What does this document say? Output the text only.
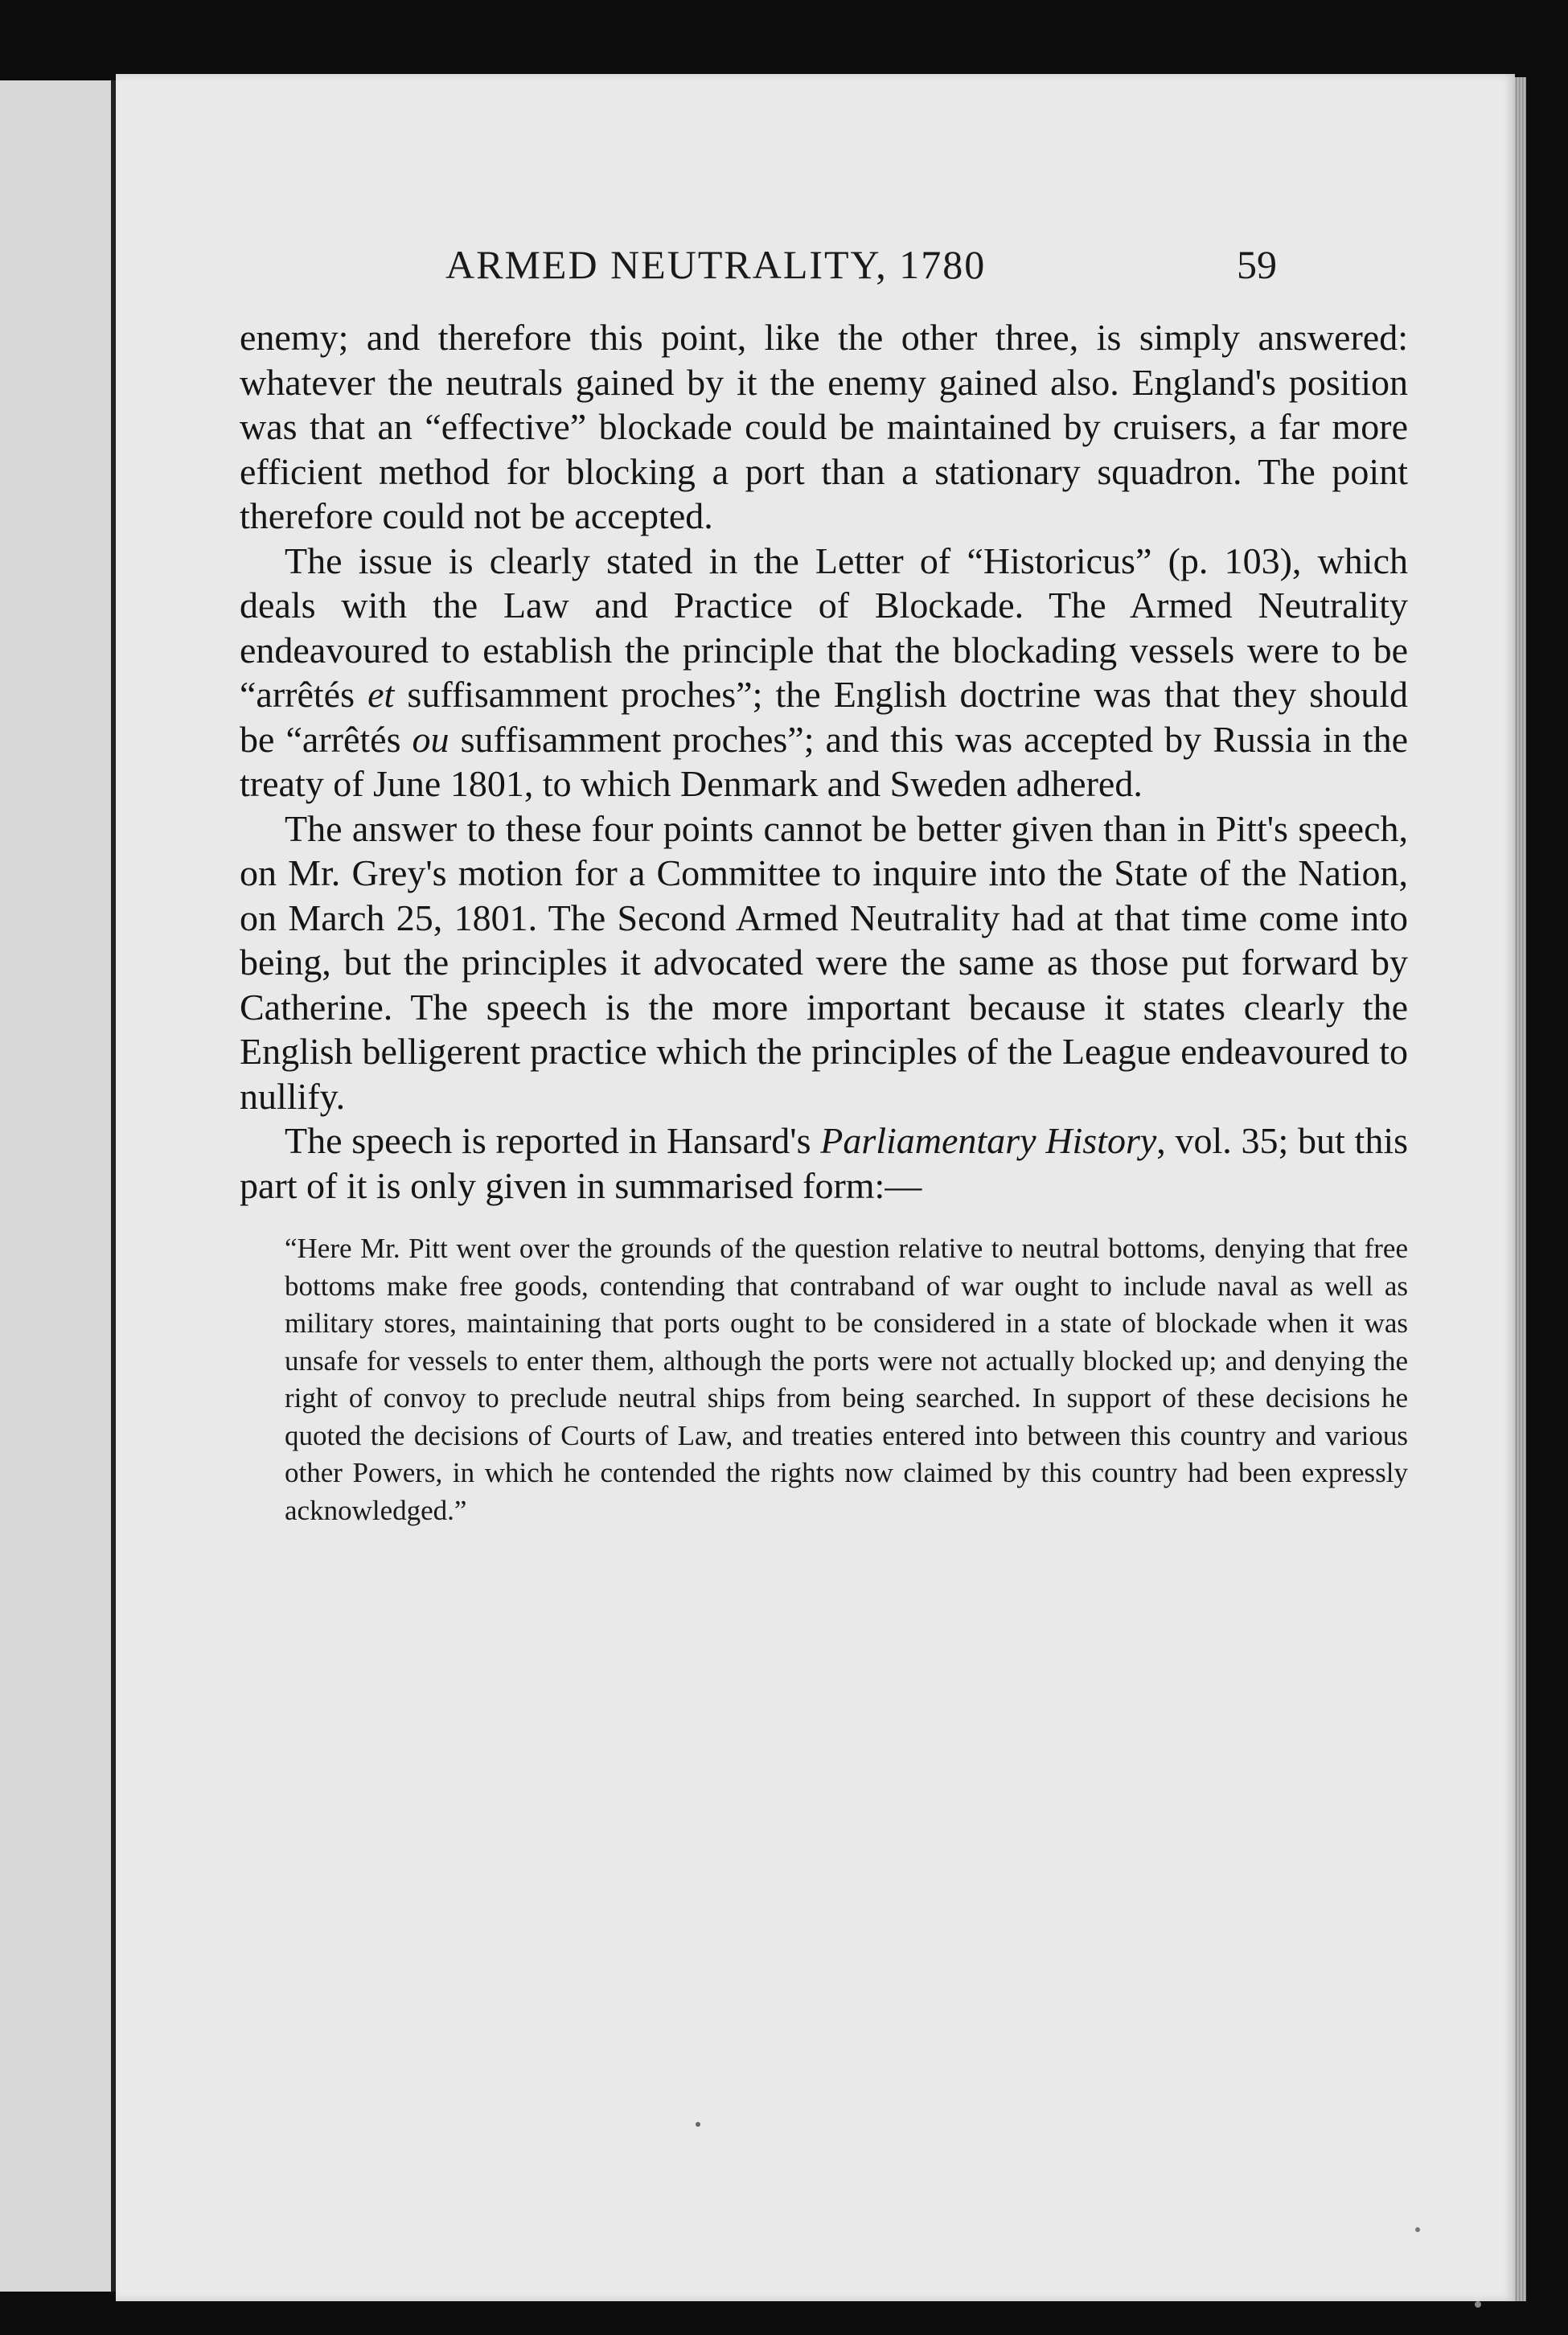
ARMED NEUTRALITY, 1780	59

enemy; and therefore this point, like the other three, is simply answered: whatever the neutrals gained by it the enemy gained also. England's position was that an “effective” blockade could be maintained by cruisers, a far more efficient method for blocking a port than a stationary squadron. The point therefore could not be accepted.

The issue is clearly stated in the Letter of “Historicus” (p. 103), which deals with the Law and Practice of Blockade. The Armed Neutrality endeavoured to establish the principle that the blockading vessels were to be “arrêtés et suffisamment proches”; the English doctrine was that they should be “arrêtés ou suffisamment proches”; and this was accepted by Russia in the treaty of June 1801, to which Denmark and Sweden adhered.

The answer to these four points cannot be better given than in Pitt's speech, on Mr. Grey's motion for a Committee to inquire into the State of the Nation, on March 25, 1801. The Second Armed Neutrality had at that time come into being, but the principles it advocated were the same as those put forward by Catherine. The speech is the more important because it states clearly the English belligerent practice which the principles of the League endeavoured to nullify.

The speech is reported in Hansard's Parliamentary History, vol. 35; but this part of it is only given in summarised form:—

“Here Mr. Pitt went over the grounds of the question relative to neutral bottoms, denying that free bottoms make free goods, contending that contraband of war ought to include naval as well as military stores, maintaining that ports ought to be considered in a state of blockade when it was unsafe for vessels to enter them, although the ports were not actually blocked up; and denying the right of convoy to preclude neutral ships from being searched. In support of these decisions he quoted the decisions of Courts of Law, and treaties entered into between this country and various other Powers, in which he contended the rights now claimed by this country had been expressly acknowledged.”
